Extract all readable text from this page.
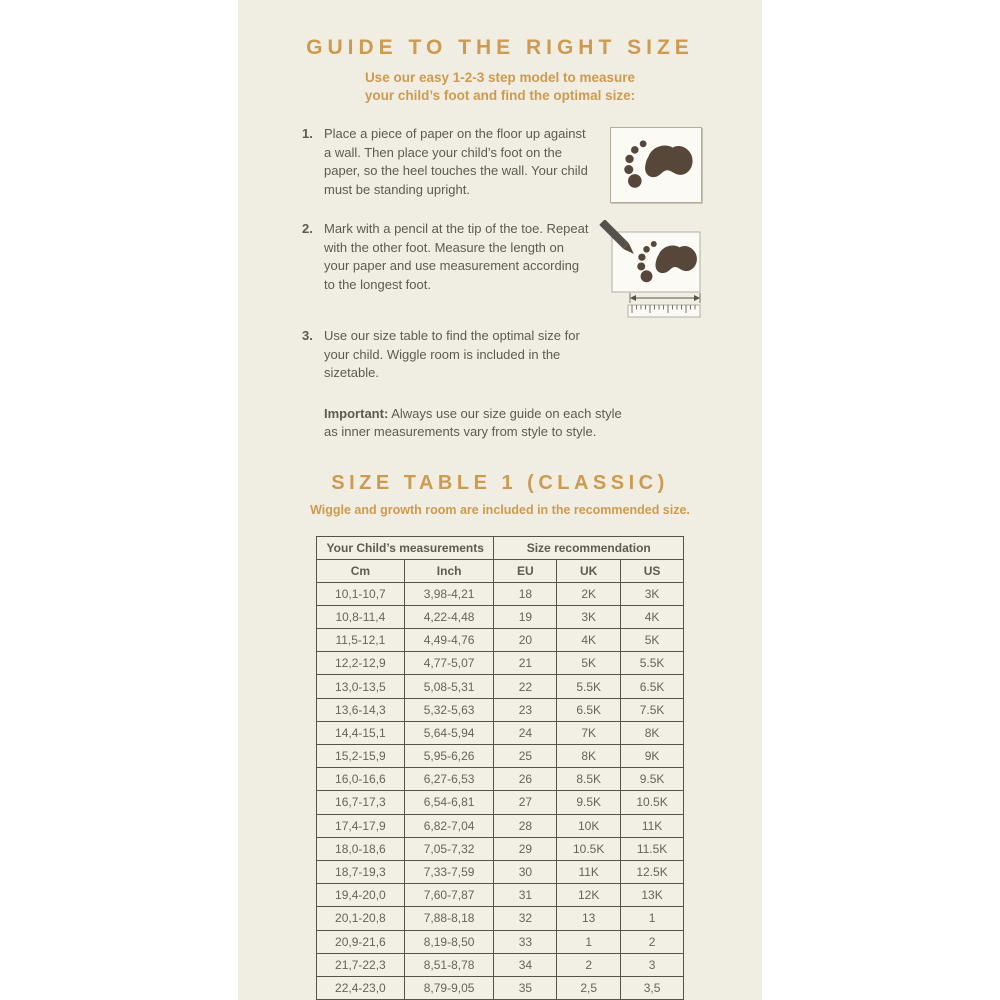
GUIDE TO THE RIGHT SIZE

Use our easy 1-2-3 step model to measure
your child’s foot and find the optimal size:

1. Place a piece of paper on the floor up against a wall. Then place your child’s foot on the paper, so the heel touches the wall. Your child must be standing upright.

2. Mark with a pencil at the tip of the toe. Repeat with the other foot. Measure the length on your paper and use measurement according to the longest foot.

3. Use our size table to find the optimal size for your child. Wiggle room is included in the sizetable.

Important: Always use our size guide on each style as inner measurements vary from style to style.

SIZE TABLE 1 (CLASSIC)

Wiggle and growth room are included in the recommended size.

Your Child’s measurements		Size recommendation		
Cm	Inch	EU	UK	US
10,1-10,7	3,98-4,21	18	2K	3K
10,8-11,4	4,22-4,48	19	3K	4K
11,5-12,1	4,49-4,76	20	4K	5K
12,2-12,9	4,77-5,07	21	5K	5.5K
13,0-13,5	5,08-5,31	22	5.5K	6.5K
13,6-14,3	5,32-5,63	23	6.5K	7.5K
14,4-15,1	5,64-5,94	24	7K	8K
15,2-15,9	5,95-6,26	25	8K	9K
16,0-16,6	6,27-6,53	26	8.5K	9.5K
16,7-17,3	6,54-6,81	27	9.5K	10.5K
17,4-17,9	6,82-7,04	28	10K	11K
18,0-18,6	7,05-7,32	29	10.5K	11.5K
18,7-19,3	7,33-7,59	30	11K	12.5K
19,4-20,0	7,60-7,87	31	12K	13K
20,1-20,8	7,88-8,18	32	13	1
20,9-21,6	8,19-8,50	33	1	2
21,7-22,3	8,51-8,78	34	2	3
22,4-23,0	8,79-9,05	35	2,5	3,5
